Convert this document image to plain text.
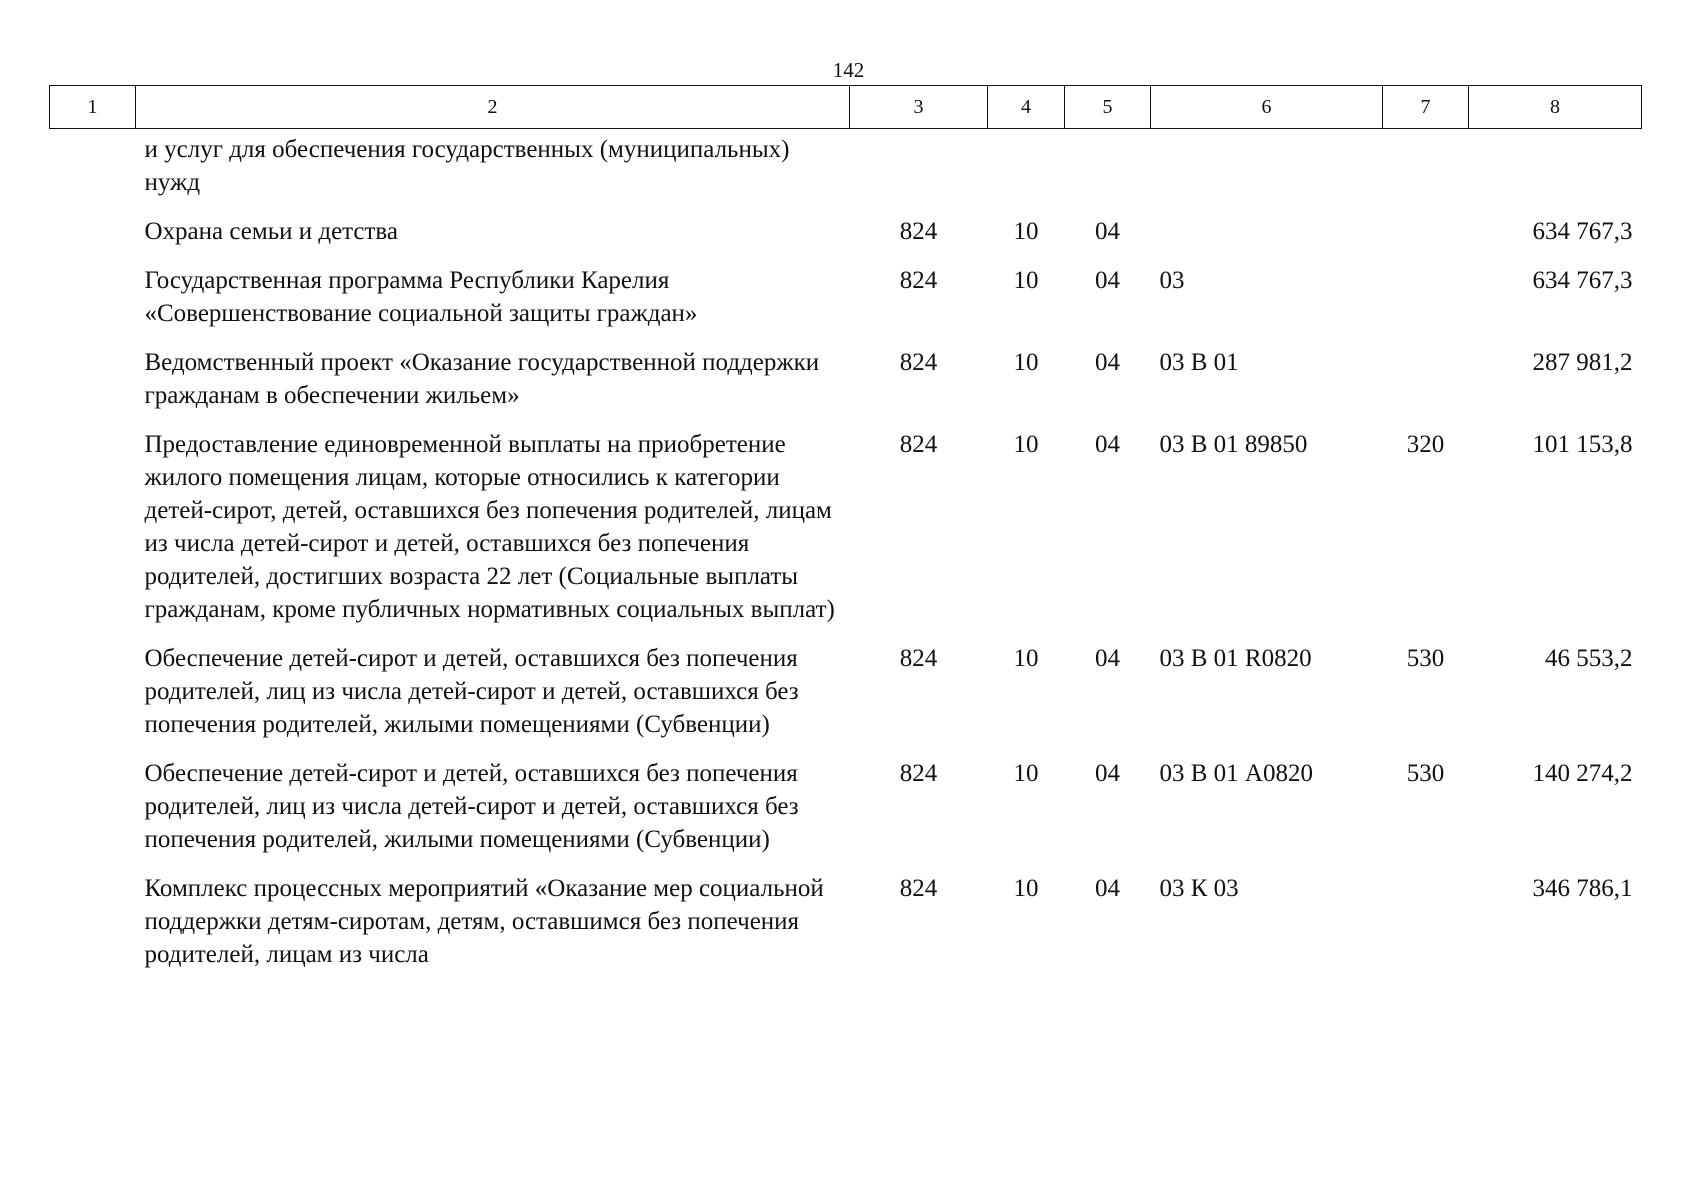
142
1	2	3	4	5	6	7	8
	и услуг для обеспечения государственных (муниципальных) нужд						
	Охрана семьи и детства	824	10	04			634 767,3
	Государственная программа Республики Карелия «Совершенствование социальной защиты граждан»	824	10	04	03		634 767,3
	Ведомственный проект «Оказание государственной поддержки гражданам в обеспечении жильем»	824	10	04	03 В 01		287 981,2
	Предоставление единовременной выплаты на приобретение жилого помещения лицам, которые относились к категории детей-сирот, детей, оставшихся без попечения родителей, лицам из числа детей-сирот и детей, оставшихся без попечения родителей, достигших возраста 22 лет (Социальные выплаты гражданам, кроме публичных нормативных социальных выплат)	824	10	04	03 В 01 89850	320	101 153,8
	Обеспечение детей-сирот и детей, оставшихся без попечения родителей, лиц из числа детей-сирот и детей, оставшихся без попечения родителей, жилыми помещениями (Субвенции)	824	10	04	03 В 01 R0820	530	46 553,2
	Обеспечение детей-сирот и детей, оставшихся без попечения родителей, лиц из числа детей-сирот и детей, оставшихся без попечения родителей, жилыми помещениями (Субвенции)	824	10	04	03 В 01 А0820	530	140 274,2
	Комплекс процессных мероприятий «Оказание мер социальной поддержки детям-сиротам, детям, оставшимся без попечения родителей, лицам из числа	824	10	04	03 К 03		346 786,1
